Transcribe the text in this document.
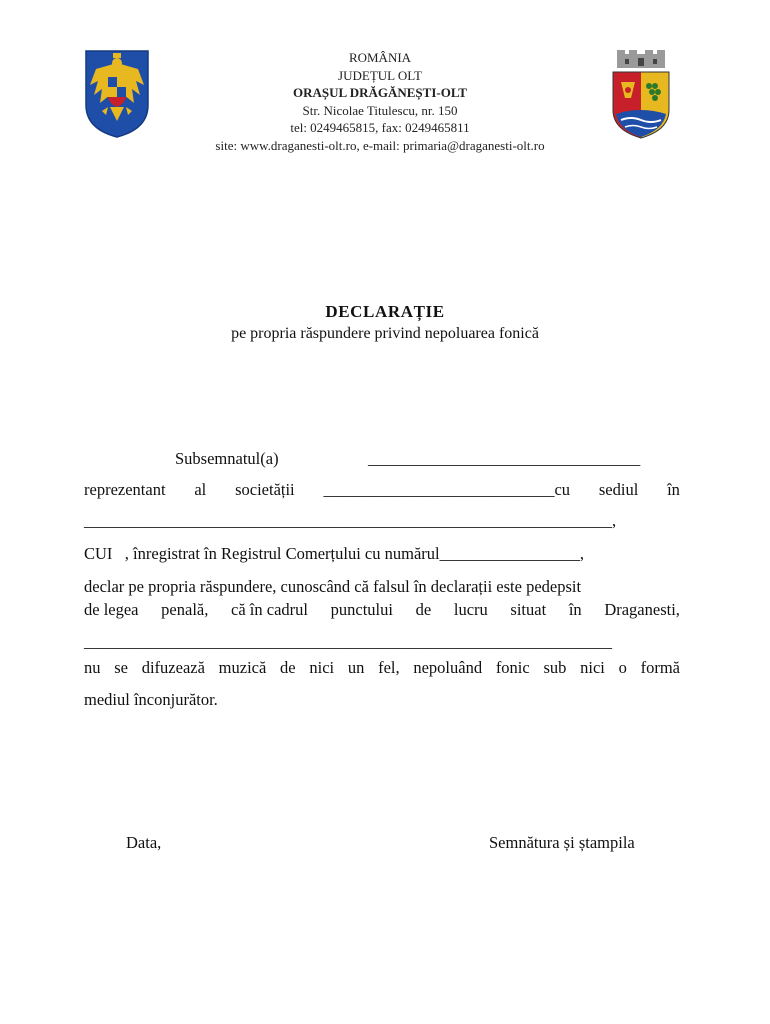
ROMÂNIA
JUDEȚUL OLT
ORAȘUL DRĂGĂNEȘTI-OLT
Str. Nicolae Titulescu, nr. 150
tel: 0249465815, fax: 0249465811
site: www.draganesti-olt.ro, e-mail: primaria@draganesti-olt.ro
DECLARAȚIE
pe propria răspundere privind nepoluarea fonică
Subsemnatul(a)	_________________________________
reprezentant al societății ____________________________cu sediul în
________________________________________________________________,
CUI   , înregistrat în Registrul Comerțului cu numărul_________________,
declar pe propria răspundere, cunoscând că falsul în declarații este pedepsit
de legea penală, că în cadrul punctului de lucru situat în Draganesti,
________________________________________________________________
nu se difuzează muzică de nici un fel, nepoluând fonic sub nici o formă
mediul înconjurător.
Data,	Semnătura și ștampila
